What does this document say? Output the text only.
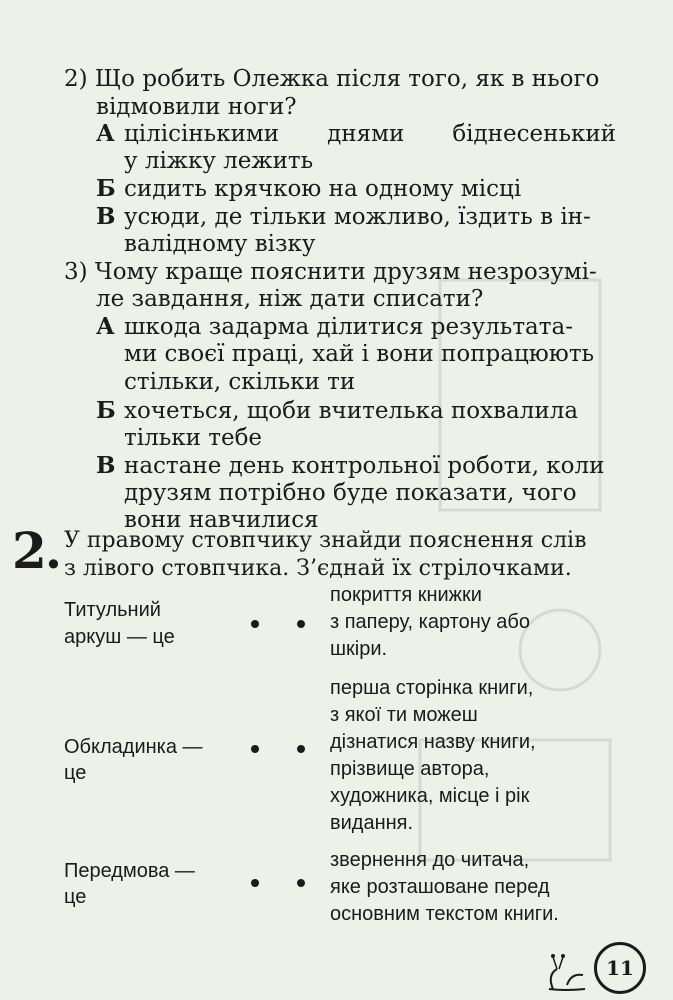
2) Що робить Олежка після того, як в нього
відмовили ноги?
А цілісінькими днями біднесенький
у ліжку лежить
Б сидить крячкою на одному місці
В усюди, де тільки можливо, їздить в ін-
валідному візку
3) Чому краще пояснити друзям незрозумі-
ле завдання, ніж дати списати?
А шкода задарма ділитися результата-
ми своєї праці, хай і вони попрацюють
стільки, скільки ти
Б хочеться, щоби вчителька похвалила
тільки тебе
В настане день контрольної роботи, коли
друзям потрібно буде показати, чого
вони навчилися
2. У правому стовпчику знайди пояснення слів
з лівого стовпчика. З’єднай їх стрілочками.
Титульний
аркуш — це
Обкладинка —
це
Передмова —
це
покриття книжки
з паперу, картону або
шкіри.
перша сторінка книги,
з якої ти можеш
дізнатися назву книги,
прізвище автора,
художника, місце і рік
видання.
звернення до читача,
яке розташоване перед
основним текстом книги.
11
